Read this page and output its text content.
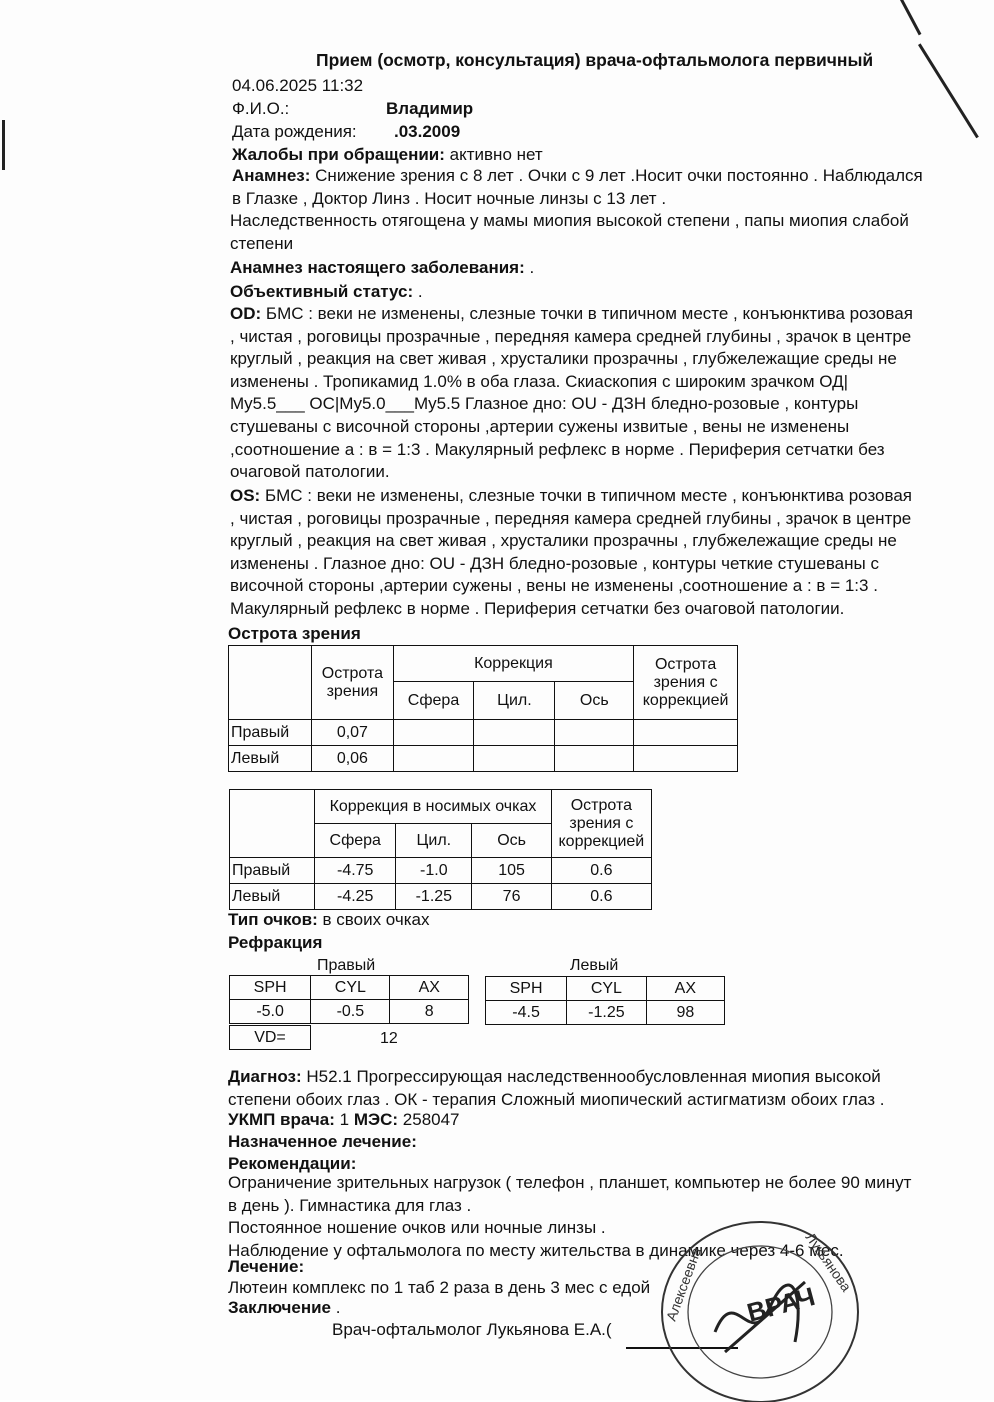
Прием (осмотр, консультация) врача-офтальмолога первичный
04.06.2025 11:32
Ф.И.О.:	Владимир
Дата рождения: .03.2009
Жалобы при обращении: активно нет
Анамнез: Снижение зрения с 8 лет . Очки с 9 лет .Носит очки постоянно . Наблюдался
в Глазке , Доктор Линз . Носит ночные линзы с 13 лет .
Наследственность отягощена у мамы миопия высокой степени , папы миопия слабой
степени
Анамнез настоящего заболевания: .
Объективный статус: .
OD: БМС : веки не изменены, слезные точки в типичном месте , конъюнктива розовая
, чистая , роговицы прозрачные , передняя камера средней глубины , зрачок в центре
круглый , реакция на свет живая , хрусталики прозрачны , глубжележащие среды не
изменены . Тропикамид 1.0% в оба глаза. Скиаскопия с широким зрачком ОД|
My5.5___ OC|My5.0___My5.5 Глазное дно: OU - ДЗН бледно-розовые , контуры
стушеваны с височной стороны ,артерии сужены извитые , вены не изменены
,соотношение а : в = 1:3 . Макулярный рефлекс в норме . Периферия сетчатки без
очаговой патологии.
OS: БМС : веки не изменены, слезные точки в типичном месте , конъюнктива розовая
, чистая , роговицы прозрачные , передняя камера средней глубины , зрачок в центре
круглый , реакция на свет живая , хрусталики прозрачны , глубжележащие среды не
изменены . Глазное дно: OU - ДЗН бледно-розовые , контуры четкие стушеваны с
височной стороны ,артерии сужены , вены не изменены ,соотношение а : в = 1:3 .
Макулярный рефлекс в норме . Периферия сетчатки без очаговой патологии.
Острота зрения
	Острота зрения	Коррекция			Острота зрения с коррекцией
		Сфера	Цил.	Ось	
Правый	0,07				
Левый	0,06				
	Коррекция в носимых очках			Острота зрения с коррекцией
	Сфера	Цил.	Ось	
Правый	-4.75	-1.0	105	0.6
Левый	-4.25	-1.25	76	0.6
Тип очков: в своих очках
Рефракция
Правый	Левый
SPH	CYL	AX
-5.0	-0.5	8
VD=	12
SPH	CYL	AX
-4.5	-1.25	98
Диагноз: H52.1 Прогрессирующая наследственнообусловленная миопия высокой
степени обоих глаз . ОК - терапия Сложный миопический астигматизм обоих глаз .
УКМП врача: 1 МЭС: 258047
Назначенное лечение:
Рекомендации:
Ограничение зрительных нагрузок ( телефон , планшет, компьютер не более 90 минут
в день ). Гимнастика для глаз .
Постоянное ношение очков или ночные линзы .
Наблюдение у офтальмолога по месту жительства в динамике через 4-6 мес.
Лечение:
Лютеин комплекс по 1 таб 2 раза в день 3 мес с едой
Заключение .
Врач-офтальмолог Лукьянова Е.А.(
Алексеевна	Лукьянова
ВРАЧ
